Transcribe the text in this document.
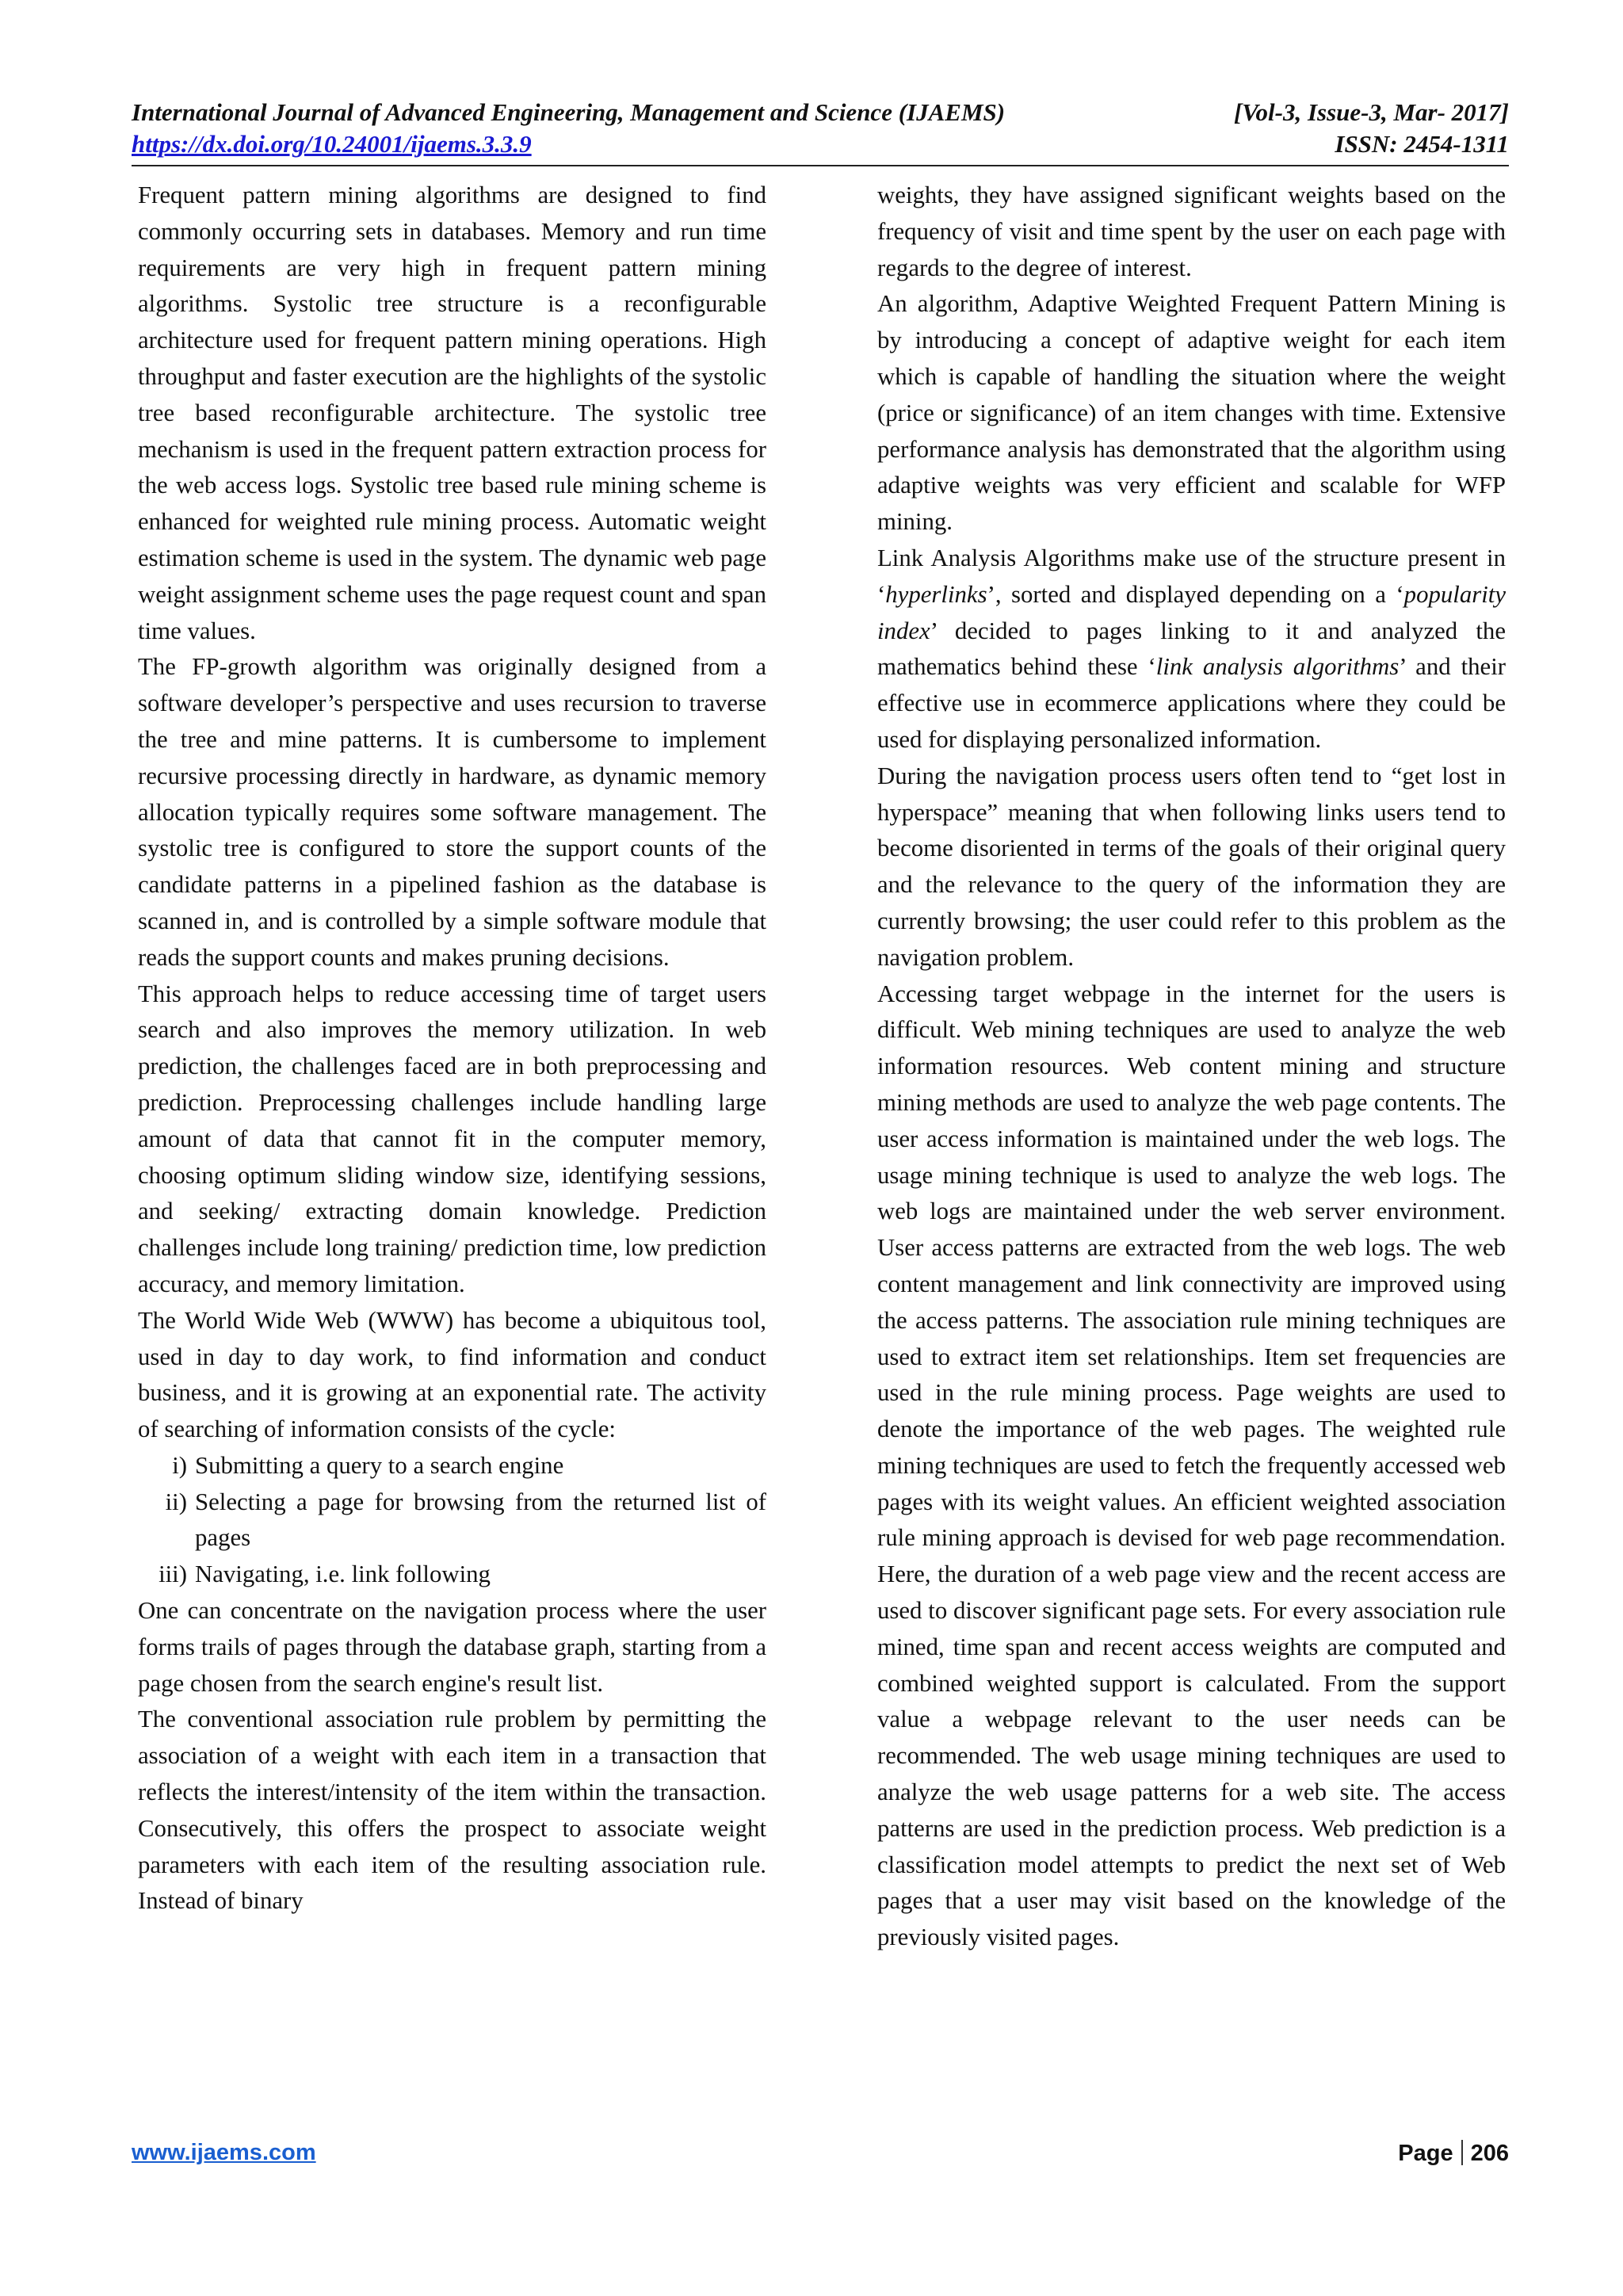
International Journal of Advanced Engineering, Management and Science (IJAEMS)	[Vol-3, Issue-3, Mar- 2017]
https://dx.doi.org/10.24001/ijaems.3.3.9	ISSN: 2454-1311

Frequent pattern mining algorithms are designed to find commonly occurring sets in databases. Memory and run time requirements are very high in frequent pattern mining algorithms. Systolic tree structure is a reconfigurable architecture used for frequent pattern mining operations. High throughput and faster execution are the highlights of the systolic tree based reconfigurable architecture. The systolic tree mechanism is used in the frequent pattern extraction process for the web access logs. Systolic tree based rule mining scheme is enhanced for weighted rule mining process. Automatic weight estimation scheme is used in the system. The dynamic web page weight assignment scheme uses the page request count and span time values.

The FP-growth algorithm was originally designed from a software developer’s perspective and uses recursion to traverse the tree and mine patterns. It is cumbersome to implement recursive processing directly in hardware, as dynamic memory allocation typically requires some software management. The systolic tree is configured to store the support counts of the candidate patterns in a pipelined fashion as the database is scanned in, and is controlled by a simple software module that reads the support counts and makes pruning decisions.

This approach helps to reduce accessing time of target users search and also improves the memory utilization. In web prediction, the challenges faced are in both preprocessing and prediction. Preprocessing challenges include handling large amount of data that cannot fit in the computer memory, choosing optimum sliding window size, identifying sessions, and seeking/ extracting domain knowledge. Prediction challenges include long training/ prediction time, low prediction accuracy, and memory limitation.

The World Wide Web (WWW) has become a ubiquitous tool, used in day to day work, to find information and conduct business, and it is growing at an exponential rate. The activity of searching of information consists of the cycle:

i) Submitting a query to a search engine
ii) Selecting a page for browsing from the returned list of pages
iii) Navigating, i.e. link following

One can concentrate on the navigation process where the user forms trails of pages through the database graph, starting from a page chosen from the search engine's result list.

The conventional association rule problem by permitting the association of a weight with each item in a transaction that reflects the interest/intensity of the item within the transaction. Consecutively, this offers the prospect to associate weight parameters with each item of the resulting association rule. Instead of binary

weights, they have assigned significant weights based on the frequency of visit and time spent by the user on each page with regards to the degree of interest.

An algorithm, Adaptive Weighted Frequent Pattern Mining is by introducing a concept of adaptive weight for each item which is capable of handling the situation where the weight (price or significance) of an item changes with time. Extensive performance analysis has demonstrated that the algorithm using adaptive weights was very efficient and scalable for WFP mining.

Link Analysis Algorithms make use of the structure present in ‘hyperlinks’, sorted and displayed depending on a ‘popularity index’ decided to pages linking to it and analyzed the mathematics behind these ‘link analysis algorithms’ and their effective use in ecommerce applications where they could be used for displaying personalized information.

During the navigation process users often tend to “get lost in hyperspace” meaning that when following links users tend to become disoriented in terms of the goals of their original query and the relevance to the query of the information they are currently browsing; the user could refer to this problem as the navigation problem.

Accessing target webpage in the internet for the users is difficult. Web mining techniques are used to analyze the web information resources. Web content mining and structure mining methods are used to analyze the web page contents. The user access information is maintained under the web logs. The usage mining technique is used to analyze the web logs. The web logs are maintained under the web server environment. User access patterns are extracted from the web logs. The web content management and link connectivity are improved using the access patterns. The association rule mining techniques are used to extract item set relationships. Item set frequencies are used in the rule mining process. Page weights are used to denote the importance of the web pages. The weighted rule mining techniques are used to fetch the frequently accessed web pages with its weight values. An efficient weighted association rule mining approach is devised for web page recommendation. Here, the duration of a web page view and the recent access are used to discover significant page sets. For every association rule mined, time span and recent access weights are computed and combined weighted support is calculated. From the support value a webpage relevant to the user needs can be recommended. The web usage mining techniques are used to analyze the web usage patterns for a web site. The access patterns are used in the prediction process. Web prediction is a classification model attempts to predict the next set of Web pages that a user may visit based on the knowledge of the previously visited pages.

www.ijaems.com	Page 206
